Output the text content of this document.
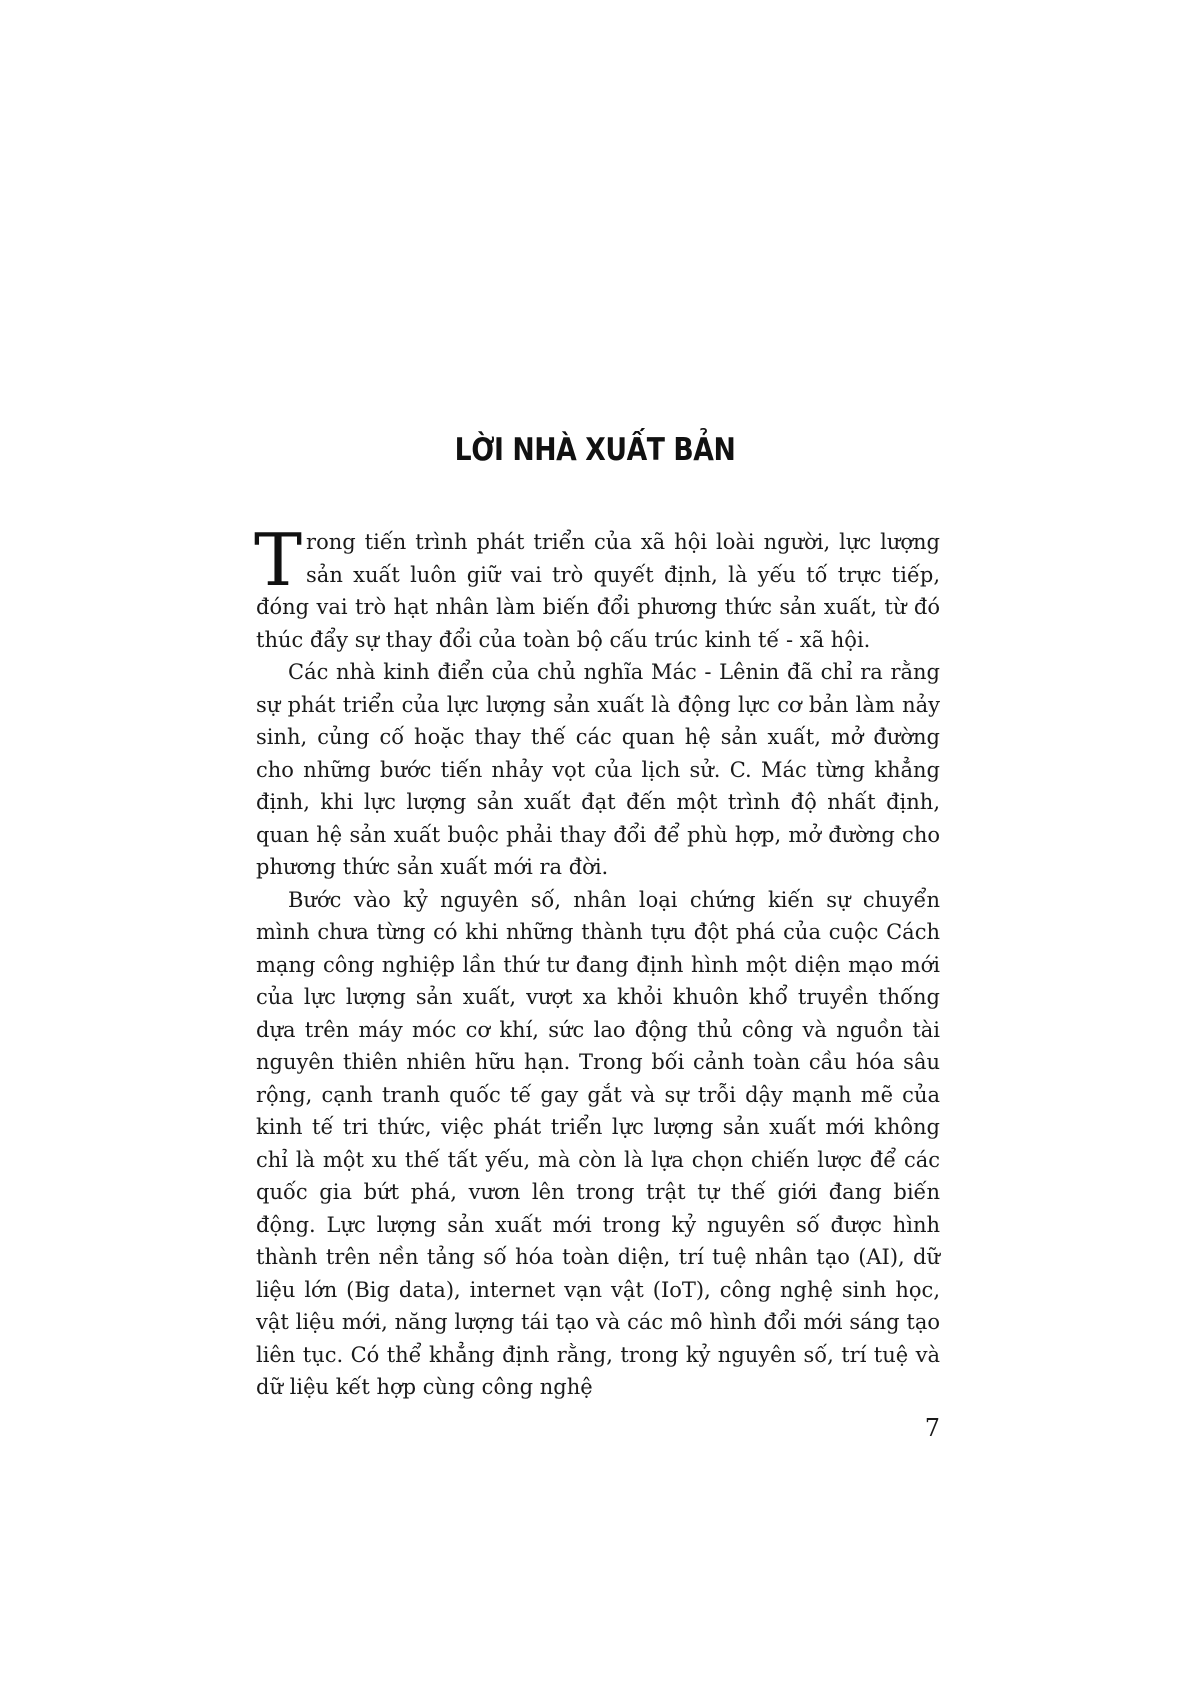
LỜI NHÀ XUẤT BẢN

Trong tiến trình phát triển của xã hội loài người, lực lượng sản xuất luôn giữ vai trò quyết định, là yếu tố trực tiếp, đóng vai trò hạt nhân làm biến đổi phương thức sản xuất, từ đó thúc đẩy sự thay đổi của toàn bộ cấu trúc kinh tế - xã hội.

Các nhà kinh điển của chủ nghĩa Mác - Lênin đã chỉ ra rằng sự phát triển của lực lượng sản xuất là động lực cơ bản làm nảy sinh, củng cố hoặc thay thế các quan hệ sản xuất, mở đường cho những bước tiến nhảy vọt của lịch sử. C. Mác từng khẳng định, khi lực lượng sản xuất đạt đến một trình độ nhất định, quan hệ sản xuất buộc phải thay đổi để phù hợp, mở đường cho phương thức sản xuất mới ra đời.

Bước vào kỷ nguyên số, nhân loại chứng kiến sự chuyển mình chưa từng có khi những thành tựu đột phá của cuộc Cách mạng công nghiệp lần thứ tư đang định hình một diện mạo mới của lực lượng sản xuất, vượt xa khỏi khuôn khổ truyền thống dựa trên máy móc cơ khí, sức lao động thủ công và nguồn tài nguyên thiên nhiên hữu hạn. Trong bối cảnh toàn cầu hóa sâu rộng, cạnh tranh quốc tế gay gắt và sự trỗi dậy mạnh mẽ của kinh tế tri thức, việc phát triển lực lượng sản xuất mới không chỉ là một xu thế tất yếu, mà còn là lựa chọn chiến lược để các quốc gia bứt phá, vươn lên trong trật tự thế giới đang biến động. Lực lượng sản xuất mới trong kỷ nguyên số được hình thành trên nền tảng số hóa toàn diện, trí tuệ nhân tạo (AI), dữ liệu lớn (Big data), internet vạn vật (IoT), công nghệ sinh học, vật liệu mới, năng lượng tái tạo và các mô hình đổi mới sáng tạo liên tục. Có thể khẳng định rằng, trong kỷ nguyên số, trí tuệ và dữ liệu kết hợp cùng công nghệ

7
